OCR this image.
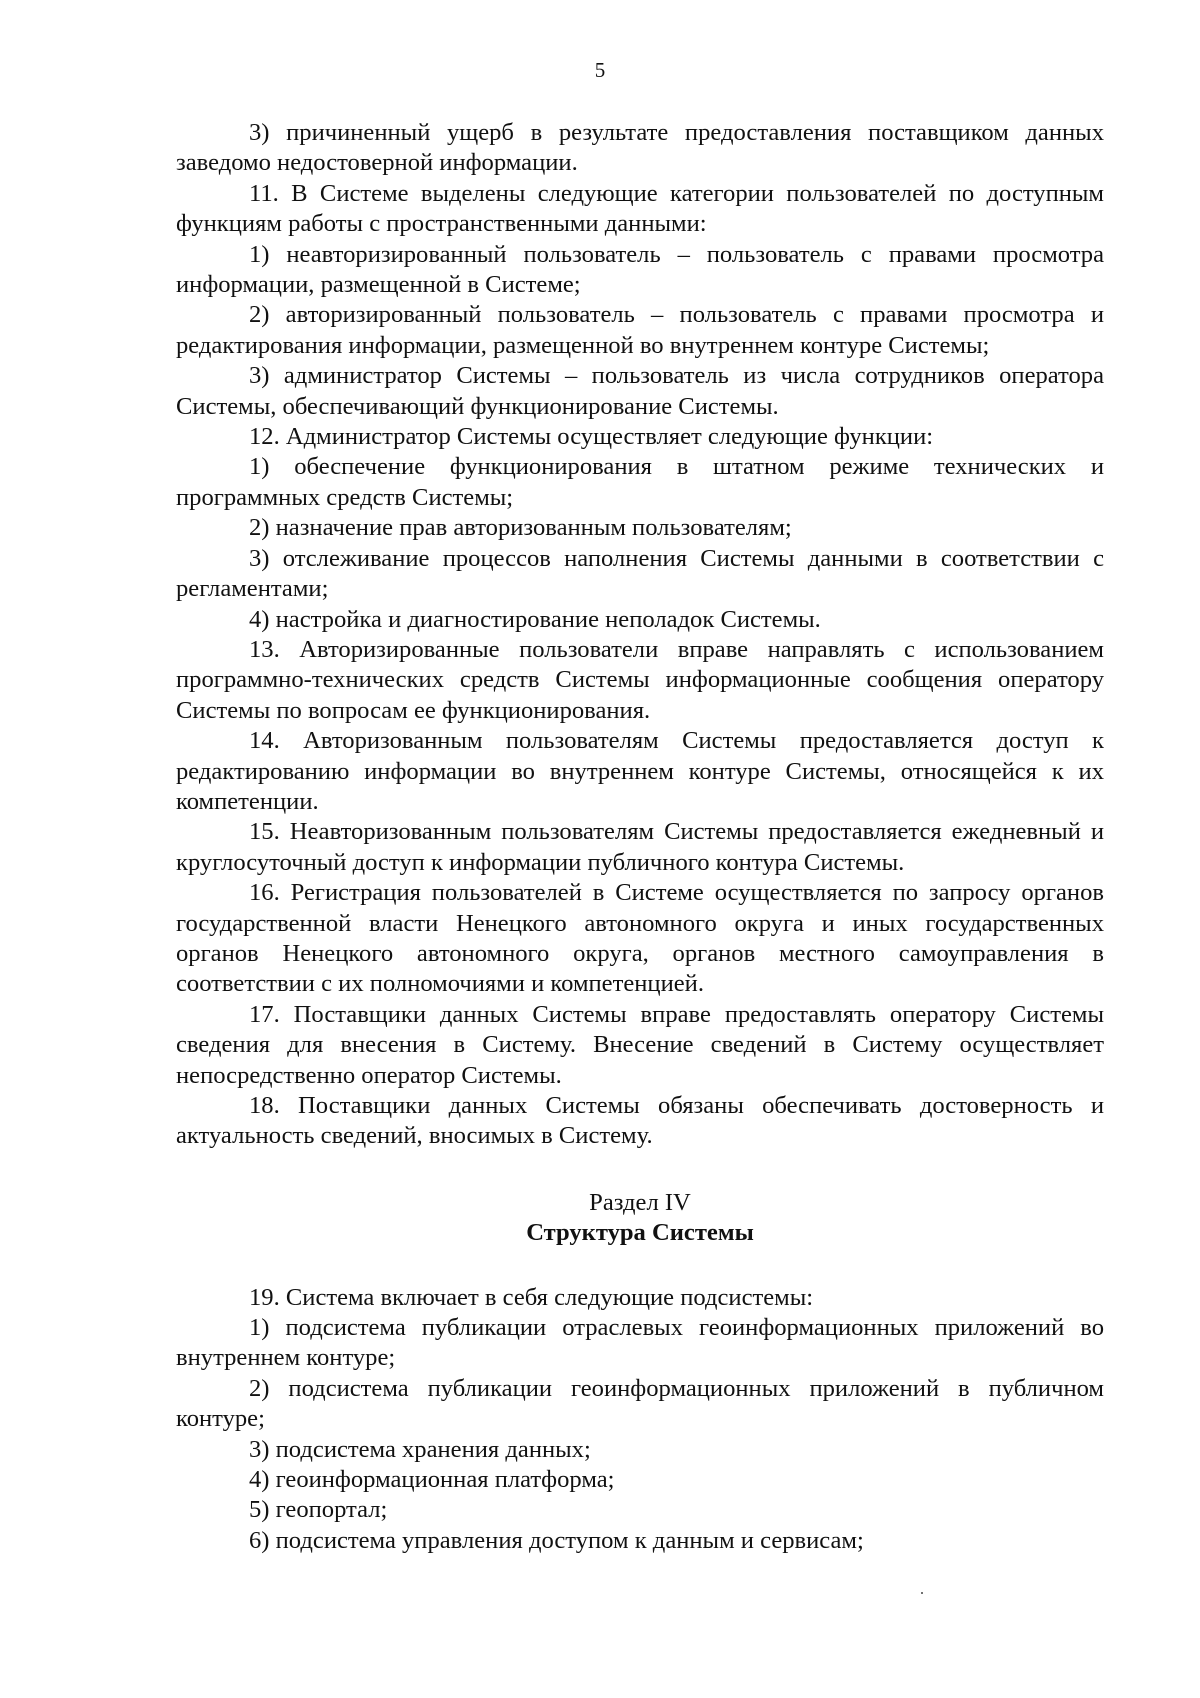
5

3) причиненный ущерб в результате предоставления поставщиком данных заведомо недостоверной информации.

11. В Системе выделены следующие категории пользователей по доступным функциям работы с пространственными данными:

1) неавторизированный пользователь – пользователь с правами просмотра информации, размещенной в Системе;

2) авторизированный пользователь – пользователь с правами просмотра и редактирования информации, размещенной во внутреннем контуре Системы;

3) администратор Системы – пользователь из числа сотрудников оператора Системы, обеспечивающий функционирование Системы.

12. Администратор Системы осуществляет следующие функции:

1) обеспечение функционирования в штатном режиме технических и программных средств Системы;

2) назначение прав авторизованным пользователям;

3) отслеживание процессов наполнения Системы данными в соответствии с регламентами;

4) настройка и диагностирование неполадок Системы.

13. Авторизированные пользователи вправе направлять с использованием программно-технических средств Системы информационные сообщения оператору Системы по вопросам ее функционирования.

14. Авторизованным пользователям Системы предоставляется доступ к редактированию информации во внутреннем контуре Системы, относящейся к их компетенции.

15. Неавторизованным пользователям Системы предоставляется ежедневный и круглосуточный доступ к информации публичного контура Системы.

16. Регистрация пользователей в Системе осуществляется по запросу органов государственной власти Ненецкого автономного округа и иных государственных органов Ненецкого автономного округа, органов местного самоуправления в соответствии с их полномочиями и компетенцией.

17. Поставщики данных Системы вправе предоставлять оператору Системы сведения для внесения в Систему. Внесение сведений в Систему осуществляет непосредственно оператор Системы.

18. Поставщики данных Системы обязаны обеспечивать достоверность и актуальность сведений, вносимых в Систему.

Раздел IV
Структура Системы

19. Система включает в себя следующие подсистемы:

1) подсистема публикации отраслевых геоинформационных приложений во внутреннем контуре;

2) подсистема публикации геоинформационных приложений в публичном контуре;

3) подсистема хранения данных;

4) геоинформационная платформа;

5) геопортал;

6) подсистема управления доступом к данным и сервисам;
